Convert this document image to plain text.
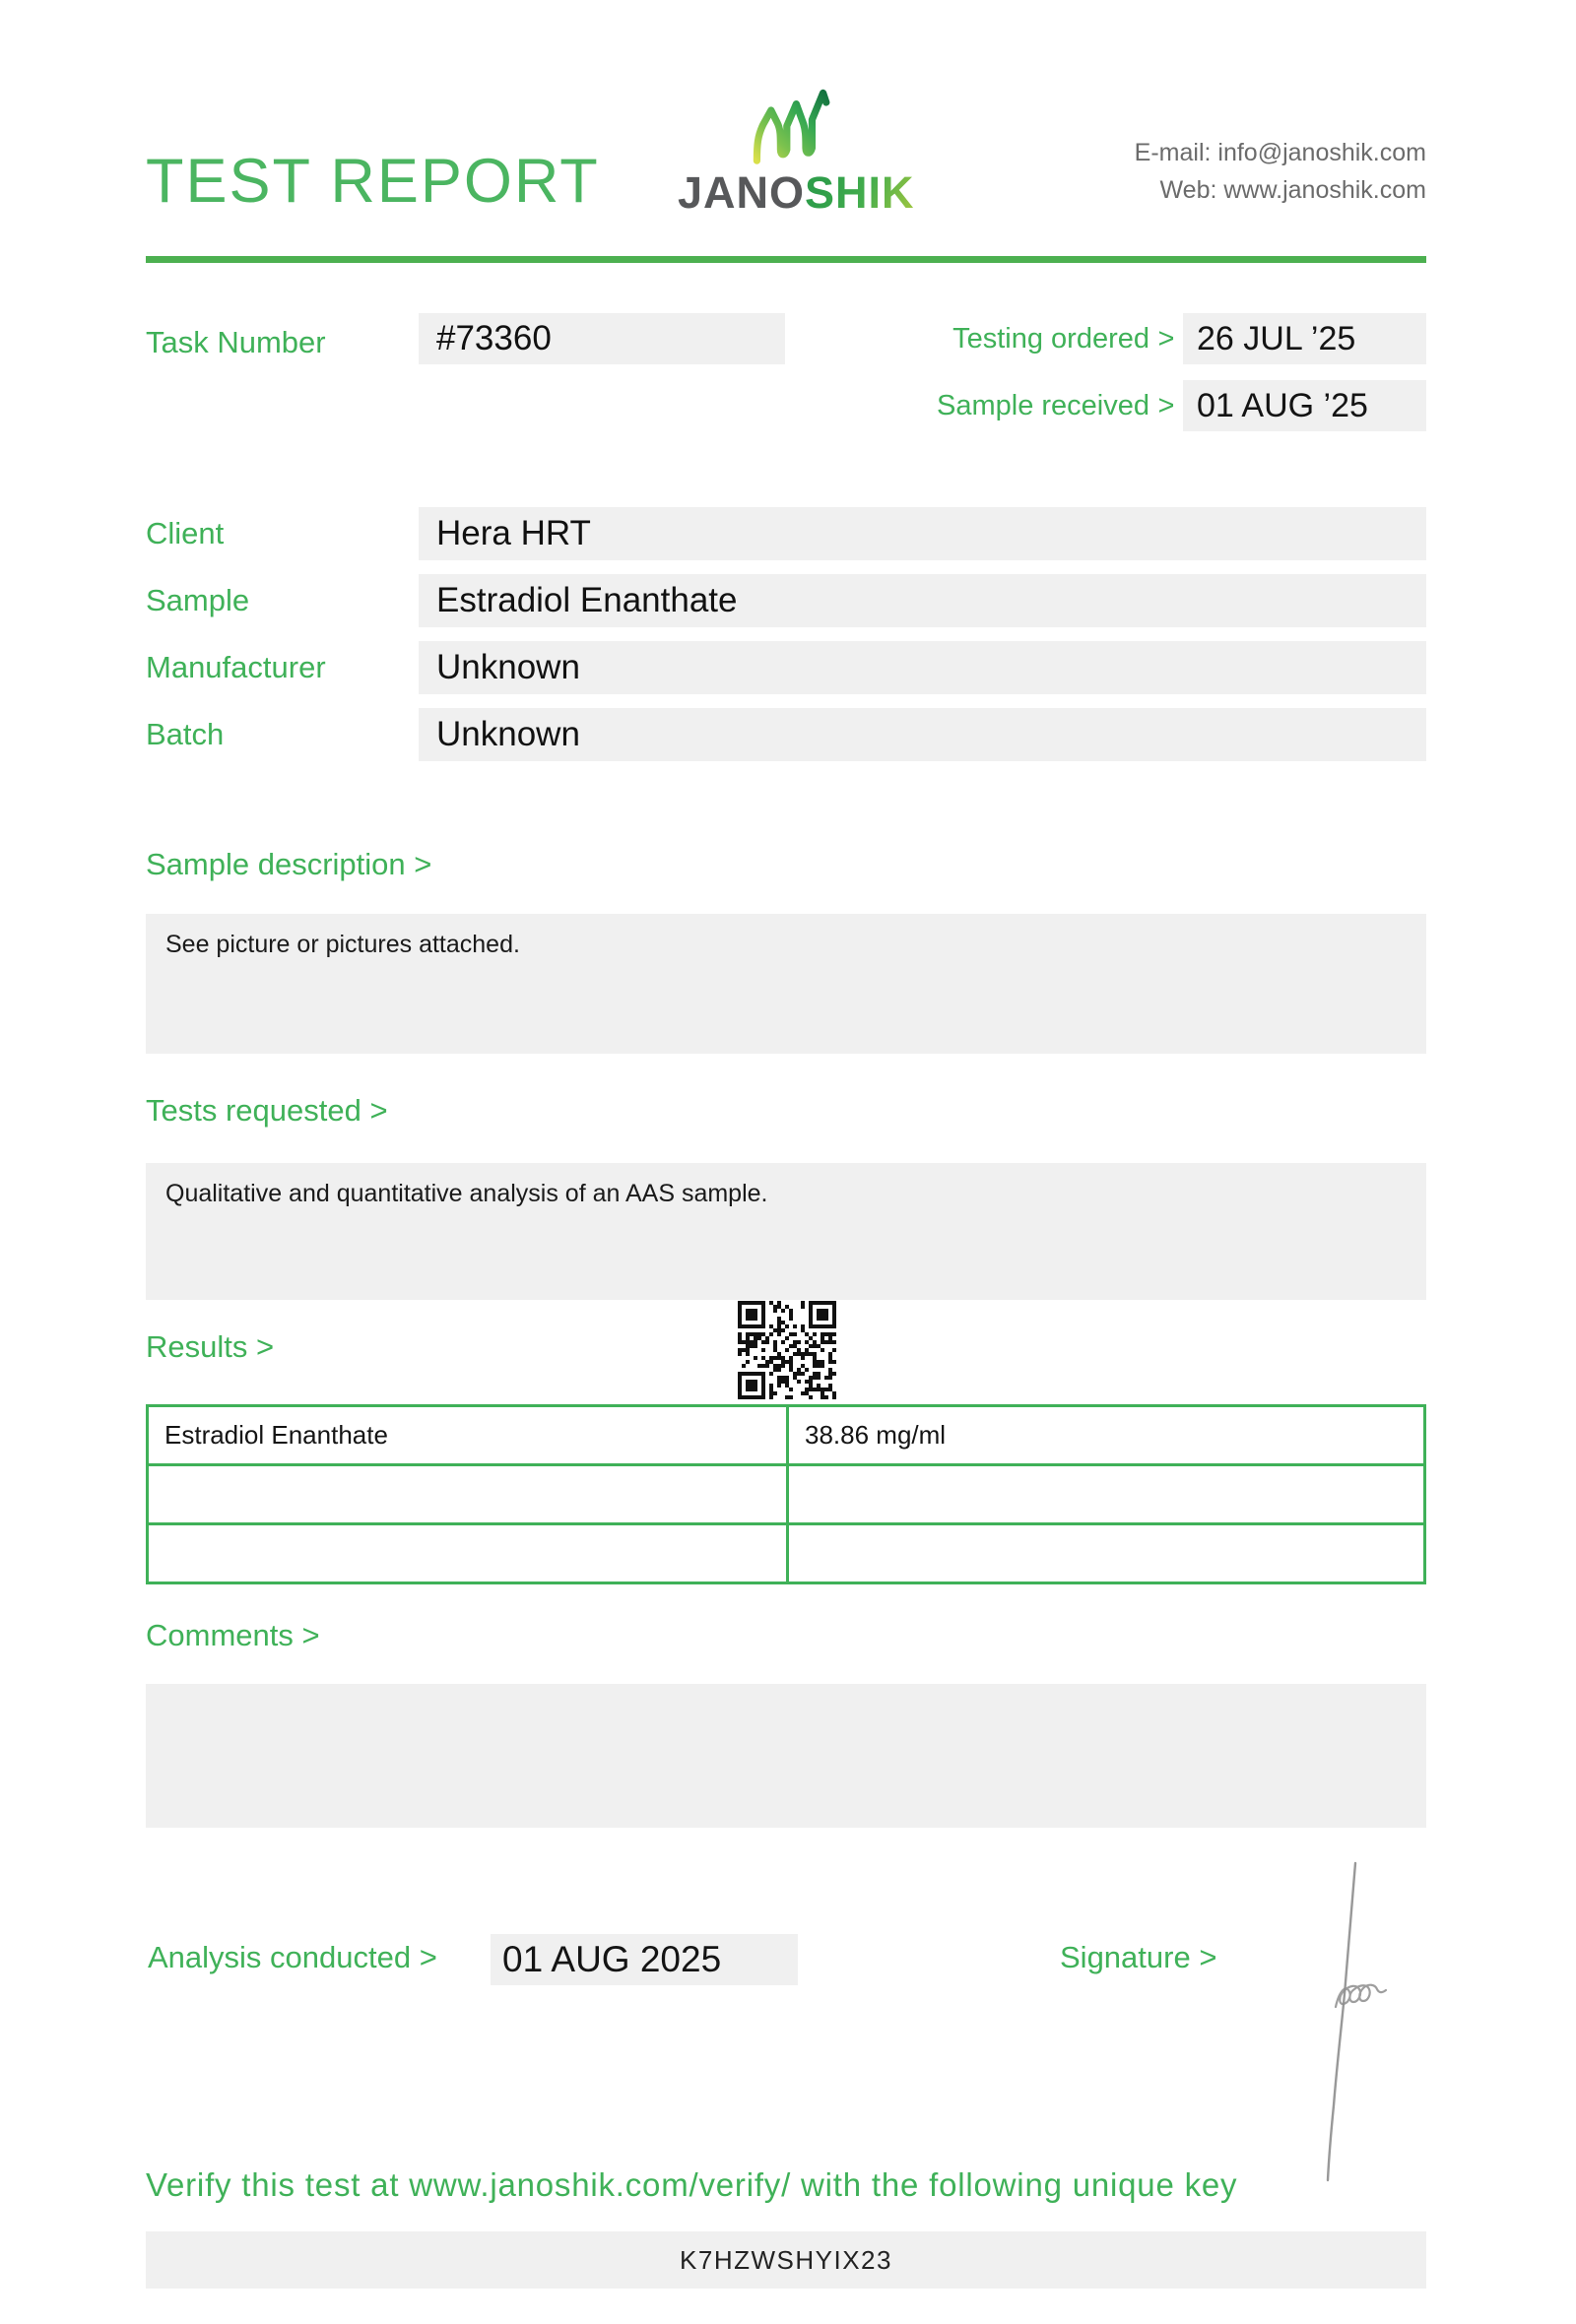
TEST REPORT JANOSHIK
E-mail: info@janoshik.com
Web: www.janoshik.com
Task Number	#73360	Testing ordered > 26 JUL ’25
Sample received > 01 AUG ’25
Client	Hera HRT
Sample	Estradiol Enanthate
Manufacturer	Unknown
Batch	Unknown
Sample description >
See picture or pictures attached.
Tests requested >
Qualitative and quantitative analysis of an AAS sample.
Results >
Estradiol Enanthate	38.86 mg/ml
Comments >
Analysis conducted >	01 AUG 2025	Signature >
Verify this test at www.janoshik.com/verify/ with the following unique key
K7HZWSHYIX23
